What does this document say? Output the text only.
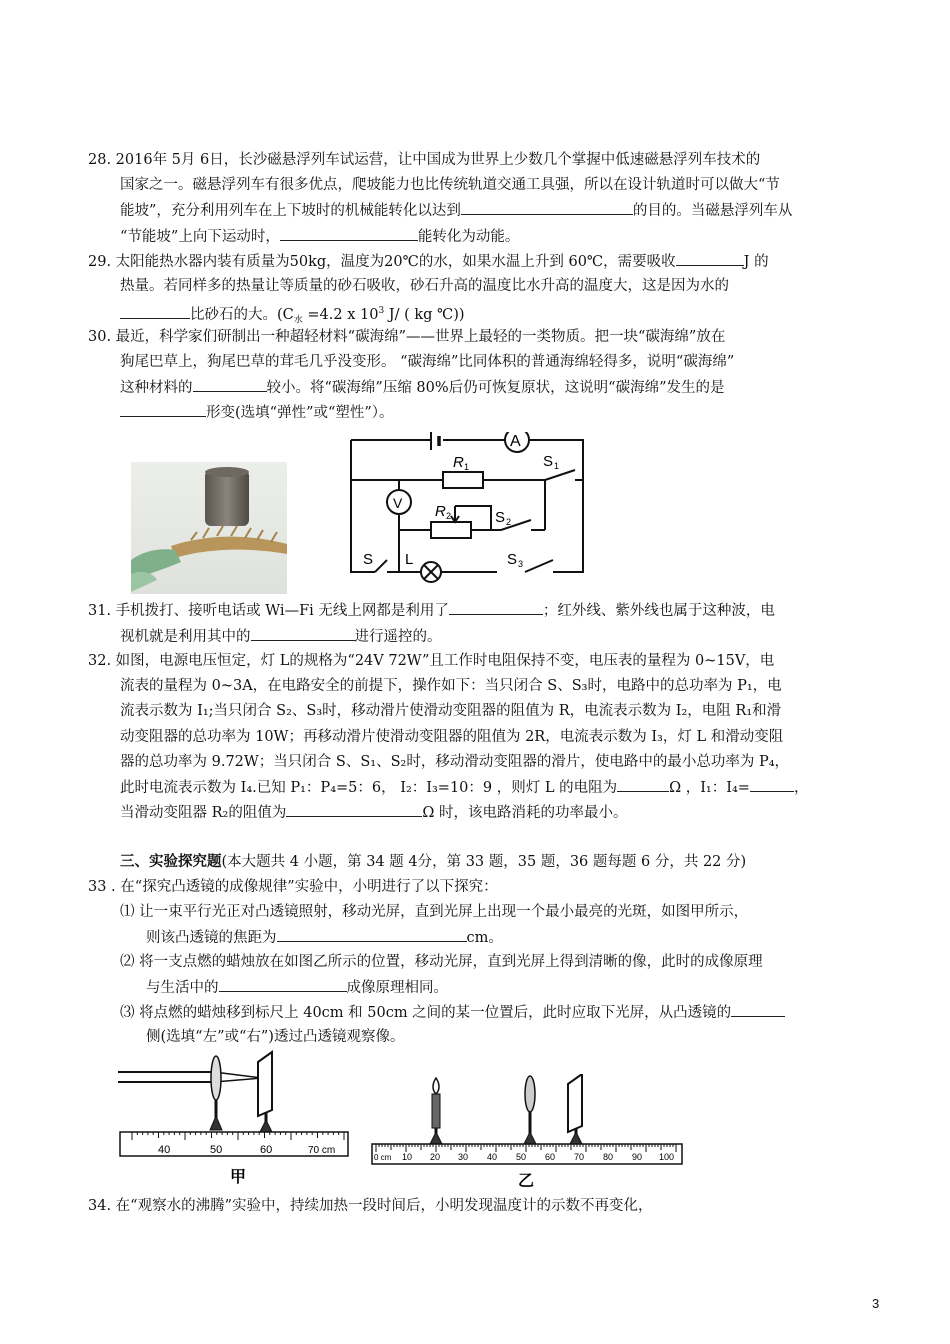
28. 2016年 5月 6日，长沙磁悬浮列车试运营，让中国成为世界上少数几个掌握中低速磁悬浮列车技术的
国家之一。磁悬浮列车有很多优点，爬坡能力也比传统轨道交通工具强，所以在设计轨道时可以做大“节
能坡”，充分利用列车在上下坡时的机械能转化以达到	的目的。当磁悬浮列车从
“节能坡”上向下运动时，	能转化为动能。
29. 太阳能热水器内装有质量为50kg，温度为20℃的水，如果水温上升到 60℃，需要吸收	J 的
热量。若同样多的热量让等质量的砂石吸收，砂石升高的温度比水升高的温度大，这是因为水的
比砂石的大。($C_水 =4.2$ x $10^3$ J/ ( kg ℃))
30. 最近，科学家们研制出一种超轻材料“碳海绵”——世界上最轻的一类物质。把一块“碳海绵”放在
狗尾巴草上，狗尾巴草的茸毛几乎没变形。 “碳海绵”比同体积的普通海绵轻得多，说明“碳海绵”
这种材料的	较小。将“碳海绵”压缩 80%后仍可恢复原状，这说明“碳海绵”发生的是
形变(选填“弹性”或“塑性”）。
A
V
R 1
R 2
S 1
S 2
S 3
S L
31. 手机拨打、接听电话或 Wi—Fi 无线上网都是利用了	；红外线、紫外线也属于这种波，电
视机就是利用其中的	进行遥控的。
32. 如图，电源电压恒定，灯 L的规格为“24V 72W”且工作时电阻保持不变，电压表的量程为 0~15V，电
流表的量程为 0~3A，在电路安全的前提下，操作如下：当只闭合 S、S₃时，电路中的总功率为 P₁，电
流表示数为 I₁;当只闭合 S₂、S₃时，移动滑片使滑动变阻器的阻值为 R，电流表示数为 I₂，电阻 R₁和滑
动变阻器的总功率为 10W；再移动滑片使滑动变阻器的阻值为 2R，电流表示数为 I₃，灯 L 和滑动变阻
器的总功率为 9.72W；当只闭合 S、S₁、S₂时，移动滑动变阻器的滑片，使电路中的最小总功率为 P₄，
此时电流表示数为 I₄.已知 P₁：P₄=5：6， I₂：I₃=10：9 ，则灯 L 的电阻为	Ω ，I₁：I₄=	，
当滑动变阻器 R₂的阻值为	Ω 时，该电路消耗的功率最小。
三、实验探究题(本大题共 4 小题，第 34 题 4分，第 33 题，35 题，36 题每题 6 分，共 22 分)
33 . 在“探究凸透镜的成像规律”实验中，小明进行了以下探究：
⑴ 让一束平行光正对凸透镜照射，移动光屏，直到光屏上出现一个最小最亮的光斑，如图甲所示，
则该凸透镜的焦距为	cm。
⑵ 将一支点燃的蜡烛放在如图乙所示的位置，移动光屏，直到光屏上得到清晰的像，此时的成像原理
与生活中的	成像原理相同。
⑶ 将点燃的蜡烛移到标尺上 40cm 和 50cm 之间的某一位置后，此时应取下光屏，从凸透镜的
侧(选填“左”或“右”)透过凸透镜观察像。
40	50	60	70 cm
甲
0 cm 10 20 30 40 50 60 70 80 90 100
乙
34. 在“观察水的沸腾”实验中，持续加热一段时间后，小明发现温度计的示数不再变化，
3
